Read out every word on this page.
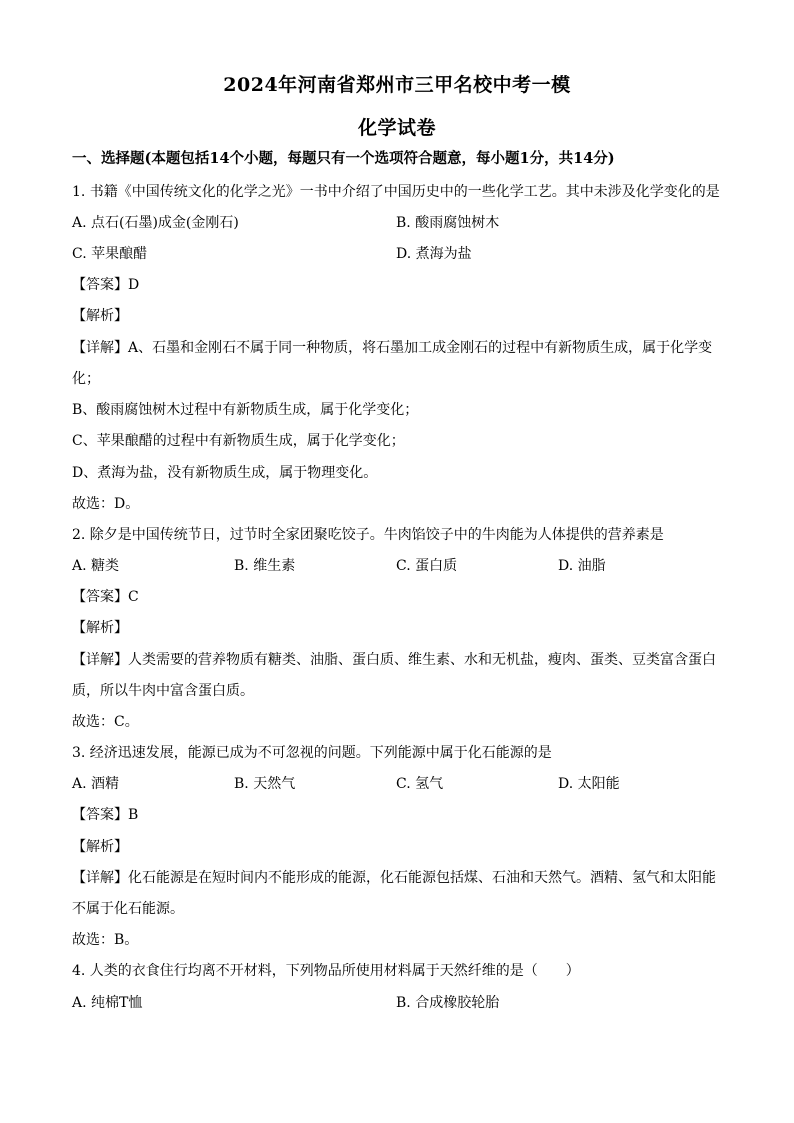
2024年河南省郑州市三甲名校中考一模
化学试卷
一、选择题(本题包括14个小题，每题只有一个选项符合题意，每小题1分，共14分)
1. 书籍《中国传统文化的化学之光》一书中介绍了中国历史中的一些化学工艺。其中未涉及化学变化的是
A. 点石(石墨)成金(金刚石)	B. 酸雨腐蚀树木
C. 苹果酿醋	D. 煮海为盐
【答案】D
【解析】
【详解】A、石墨和金刚石不属于同一种物质，将石墨加工成金刚石的过程中有新物质生成，属于化学变
化；
B、酸雨腐蚀树木过程中有新物质生成，属于化学变化；
C、苹果酿醋的过程中有新物质生成，属于化学变化；
D、煮海为盐，没有新物质生成，属于物理变化。
故选：D。
2. 除夕是中国传统节日，过节时全家团聚吃饺子。牛肉馅饺子中的牛肉能为人体提供的营养素是
A. 糖类	B. 维生素	C. 蛋白质	D. 油脂
【答案】C
【解析】
【详解】人类需要的营养物质有糖类、油脂、蛋白质、维生素、水和无机盐，瘦肉、蛋类、豆类富含蛋白
质，所以牛肉中富含蛋白质。
故选：C。
3. 经济迅速发展，能源已成为不可忽视的问题。下列能源中属于化石能源的是
A. 酒精	B. 天然气	C. 氢气	D. 太阳能
【答案】B
【解析】
【详解】化石能源是在短时间内不能形成的能源，化石能源包括煤、石油和天然气。酒精、氢气和太阳能
不属于化石能源。
故选：B。
4. 人类的衣食住行均离不开材料，下列物品所使用材料属于天然纤维的是（　　）
A. 纯棉T恤	B. 合成橡胶轮胎
